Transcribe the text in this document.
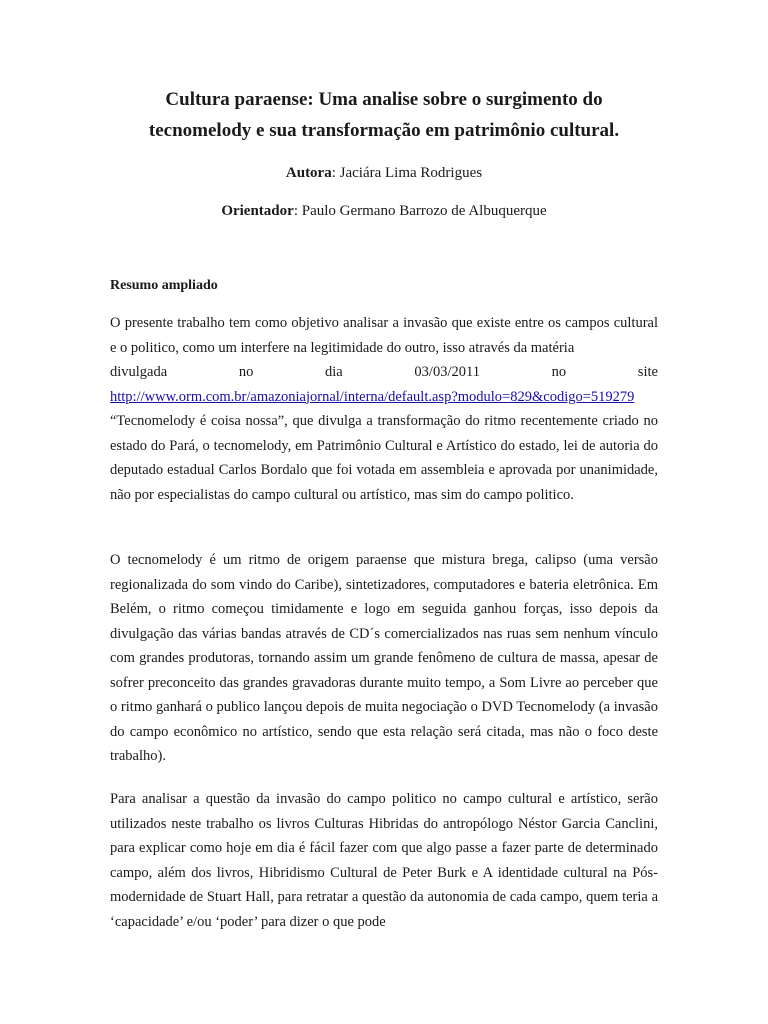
Cultura paraense: Uma analise sobre o surgimento do
tecnomelody e sua transformação em patrimônio cultural.
Autora: Jaciára Lima Rodrigues
Orientador: Paulo Germano Barrozo de Albuquerque
Resumo ampliado
O presente trabalho tem como objetivo analisar a invasão que existe entre os campos cultural e o politico, como um interfere na legitimidade do outro, isso através da matéria
divulgada	no	dia	03/03/2011	no	site
http://www.orm.com.br/amazoniajornal/interna/default.asp?modulo=829&codigo=519279
“Tecnomelody é coisa nossa”, que divulga a transformação do ritmo recentemente criado no estado do Pará, o tecnomelody, em Patrimônio Cultural e Artístico do estado, lei de autoria do deputado estadual Carlos Bordalo que foi votada em assembleia e aprovada por unanimidade, não por especialistas do campo cultural ou artístico, mas sim do campo politico.

O tecnomelody é um ritmo de origem paraense que mistura brega, calipso (uma versão regionalizada do som vindo do Caribe), sintetizadores, computadores e bateria eletrônica. Em Belém, o ritmo começou timidamente e logo em seguida ganhou forças, isso depois da divulgação das várias bandas através de CD´s comercializados nas ruas sem nenhum vínculo com grandes produtoras, tornando assim um grande fenômeno de cultura de massa, apesar de sofrer preconceito das grandes gravadoras durante muito tempo, a Som Livre ao perceber que o ritmo ganhará o publico lançou depois de muita negociação o DVD Tecnomelody (a invasão do campo econômico no artístico, sendo que esta relação será citada, mas não o foco deste trabalho).

Para analisar a questão da invasão do campo politico no campo cultural e artístico, serão utilizados neste trabalho os livros Culturas Hibridas do antropólogo Néstor Garcia Canclini, para explicar como hoje em dia é fácil fazer com que algo passe a fazer parte de determinado campo, além dos livros, Hibridismo Cultural de Peter Burk e A identidade cultural na Pós-modernidade de Stuart Hall, para retratar a questão da autonomia de cada campo, quem teria a ‘capacidade’ e/ou ‘poder’ para dizer o que pode
